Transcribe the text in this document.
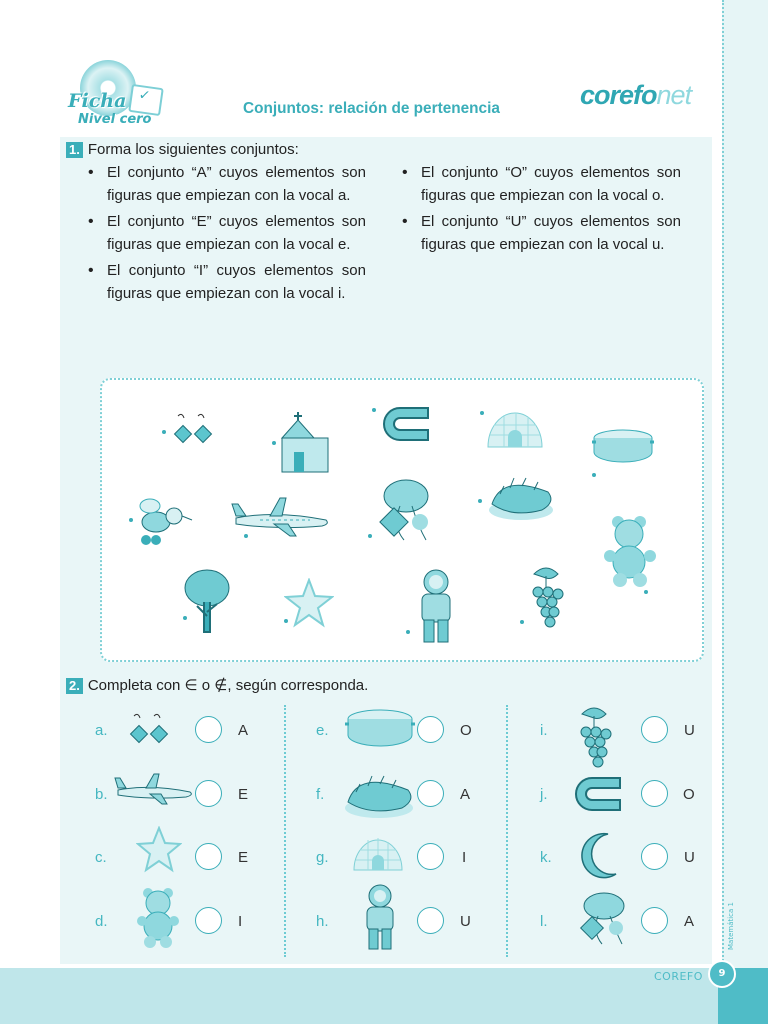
Matemática 1
COREFO	9
✓
Ficha
Nivel cero
Conjuntos: relación de pertenencia	corefonet
1. Forma los siguientes conjuntos:
• El conjunto “A” cuyos elementos son figuras que empiezan con la vocal a.
• El conjunto “E” cuyos elementos son figuras que empiezan con la vocal e.
• El conjunto “I” cuyos elementos son figuras que empiezan con la vocal i.
• El conjunto “O” cuyos elementos son figuras que empiezan con la vocal o.
• El conjunto “U” cuyos elementos son figuras que empiezan con la vocal u.
2. Completa con ∈ o ∉, según corresponda.
a.	A
b.	E
c.	E
d.	I
e.	O
f.	A
g.	I
h.	U
i.	U
j.	O
k.	U
l.	A
